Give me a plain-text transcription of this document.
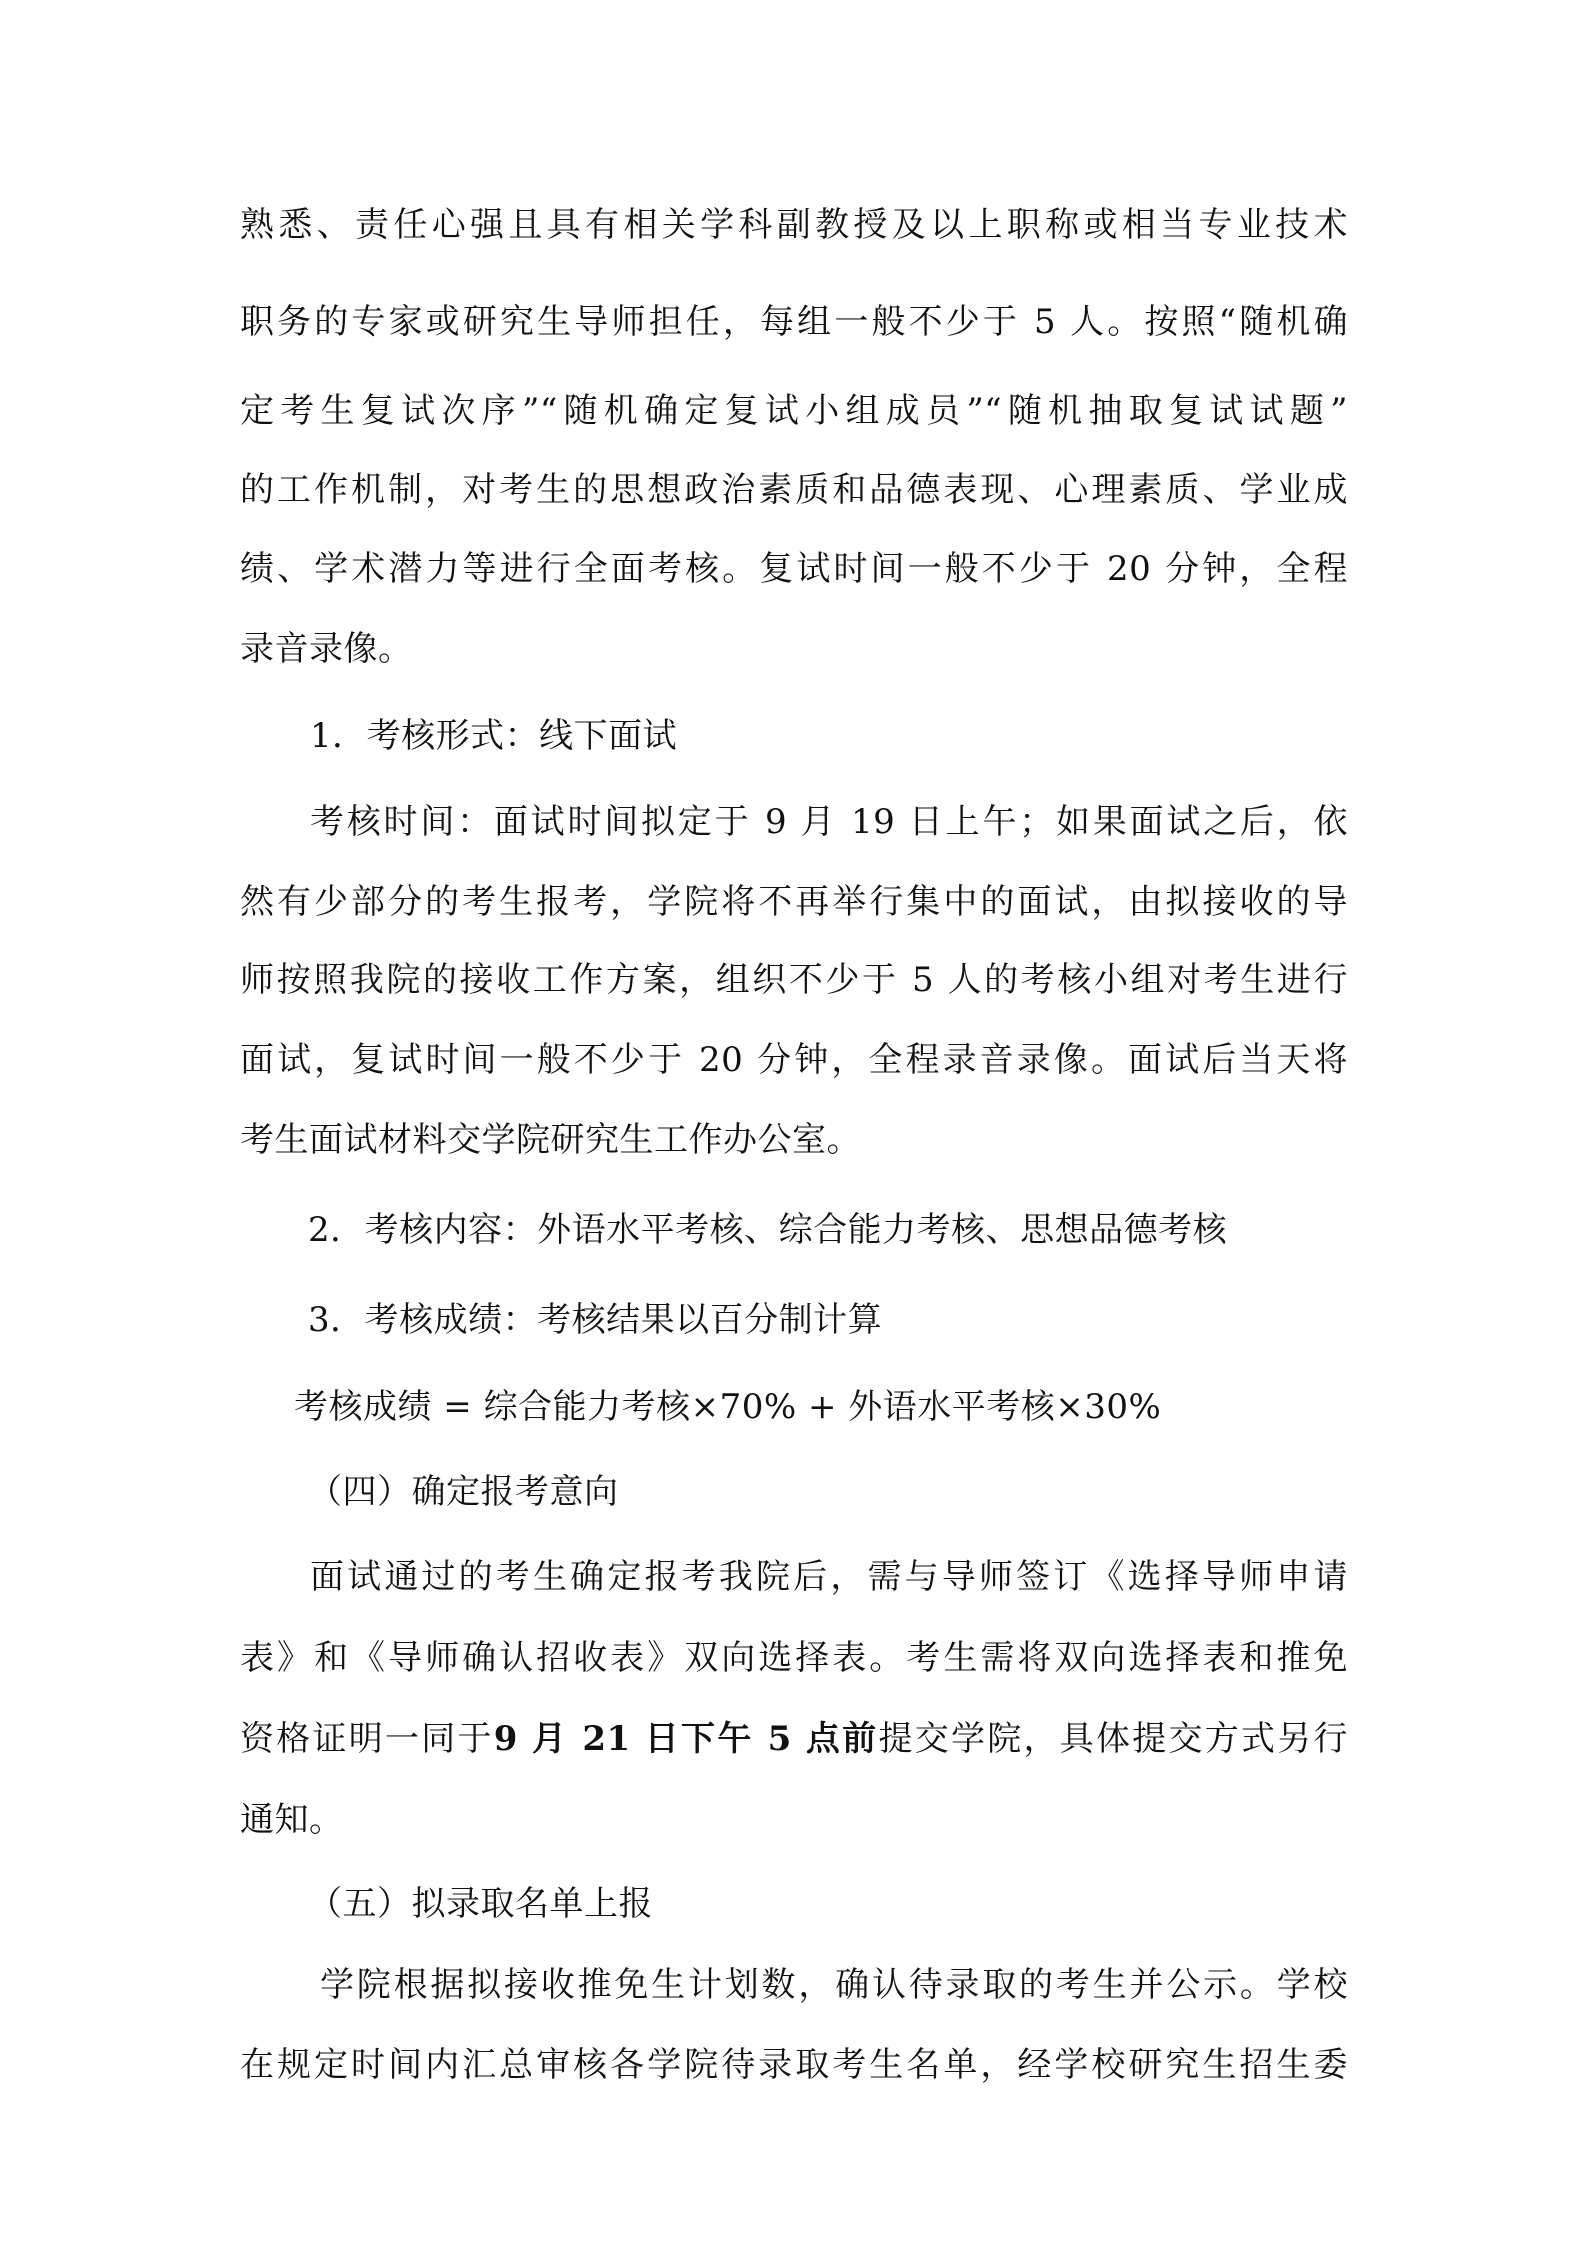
熟悉、责任心强且具有相关学科副教授及以上职称或相当专业技术

职务的专家或研究生导师担任，每组一般不少于 5 人。按照“随机确

定考生复试次序”“随机确定复试小组成员”“随机抽取复试试题”

的工作机制，对考生的思想政治素质和品德表现、心理素质、学业成

绩、学术潜力等进行全面考核。复试时间一般不少于 20 分钟，全程

录音录像。

1．考核形式：线下面试

考核时间：面试时间拟定于 9 月 19 日上午；如果面试之后，依

然有少部分的考生报考，学院将不再举行集中的面试，由拟接收的导

师按照我院的接收工作方案，组织不少于 5 人的考核小组对考生进行

面试，复试时间一般不少于 20 分钟，全程录音录像。面试后当天将

考生面试材料交学院研究生工作办公室。

2．考核内容：外语水平考核、综合能力考核、思想品德考核

3．考核成绩：考核结果以百分制计算

考核成绩 = 综合能力考核×70% + 外语水平考核×30%

（四）确定报考意向

面试通过的考生确定报考我院后，需与导师签订《选择导师申请

表》和《导师确认招收表》双向选择表。考生需将双向选择表和推免

资格证明一同于9 月 21 日下午 5 点前提交学院，具体提交方式另行

通知。

（五）拟录取名单上报

学院根据拟接收推免生计划数，确认待录取的考生并公示。学校

在规定时间内汇总审核各学院待录取考生名单，经学校研究生招生委
